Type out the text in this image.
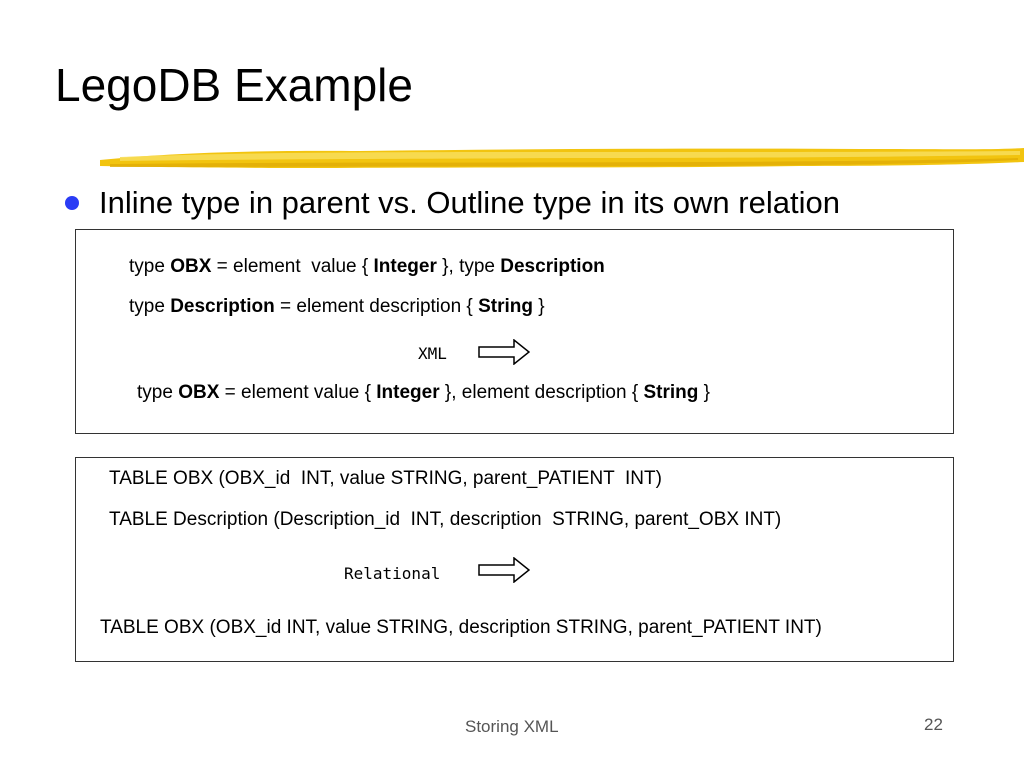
LegoDB Example
Inline type in parent vs. Outline type in its own relation
type OBX = element  value { Integer }, type Description
type Description = element description { String }
XML
type OBX = element value { Integer }, element description { String }
TABLE OBX (OBX_id  INT, value STRING, parent_PATIENT  INT)
TABLE Description (Description_id  INT, description  STRING, parent_OBX INT)
Relational
TABLE OBX (OBX_id INT, value STRING, description STRING, parent_PATIENT INT)
Storing XML	22
